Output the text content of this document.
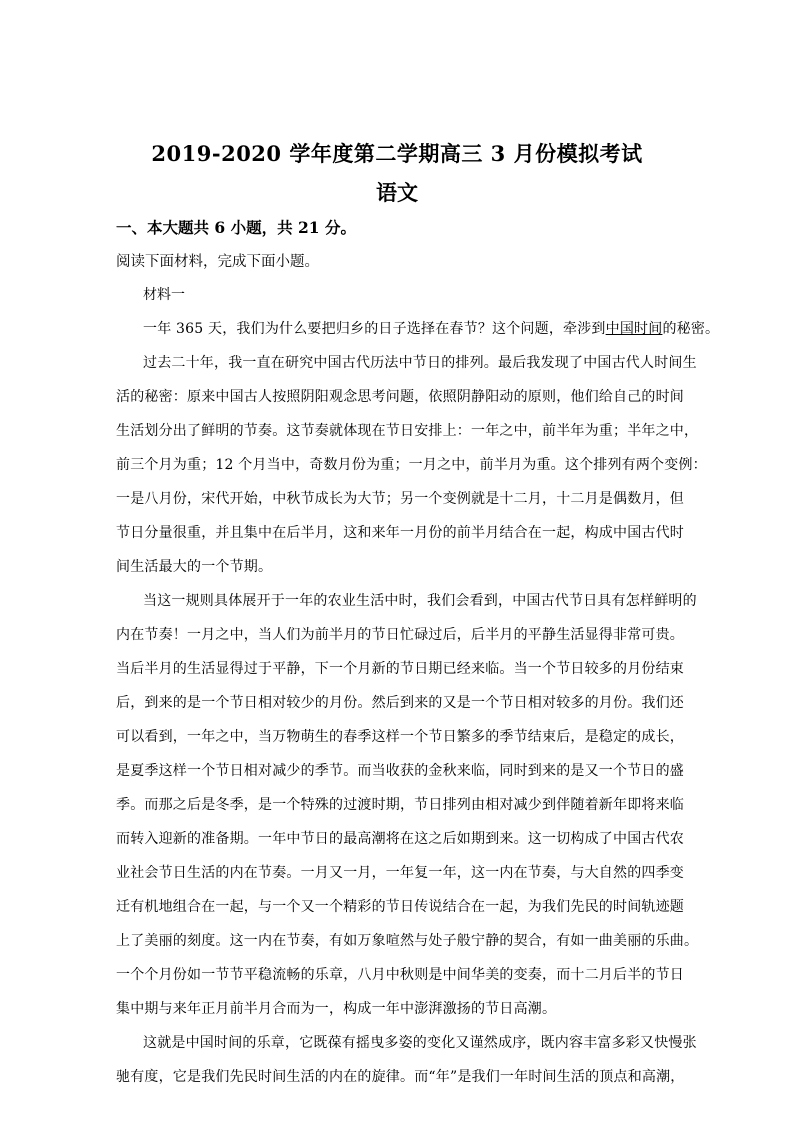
2019-2020 学年度第二学期高三 3 月份模拟考试
语文
一、本大题共 6 小题，共 21 分。
阅读下面材料，完成下面小题。
材料一
一年 365 天，我们为什么要把归乡的日子选择在春节？这个问题，牵涉到中国时间的秘密。
过去二十年，我一直在研究中国古代历法中节日的排列。最后我发现了中国古代人时间生
活的秘密：原来中国古人按照阴阳观念思考问题，依照阴静阳动的原则，他们给自己的时间
生活划分出了鲜明的节奏。这节奏就体现在节日安排上：一年之中，前半年为重；半年之中，
前三个月为重；12 个月当中，奇数月份为重；一月之中，前半月为重。这个排列有两个变例：
一是八月份，宋代开始，中秋节成长为大节；另一个变例就是十二月，十二月是偶数月，但
节日分量很重，并且集中在后半月，这和来年一月份的前半月结合在一起，构成中国古代时
间生活最大的一个节期。
当这一规则具体展开于一年的农业生活中时，我们会看到，中国古代节日具有怎样鲜明的
内在节奏！一月之中，当人们为前半月的节日忙碌过后，后半月的平静生活显得非常可贵。
当后半月的生活显得过于平静，下一个月新的节日期已经来临。当一个节日较多的月份结束
后，到来的是一个节日相对较少的月份。然后到来的又是一个节日相对较多的月份。我们还
可以看到，一年之中，当万物萌生的春季这样一个节日繁多的季节结束后，是稳定的成长，
是夏季这样一个节日相对减少的季节。而当收获的金秋来临，同时到来的是又一个节日的盛
季。而那之后是冬季，是一个特殊的过渡时期，节日排列由相对减少到伴随着新年即将来临
而转入迎新的准备期。一年中节日的最高潮将在这之后如期到来。这一切构成了中国古代农
业社会节日生活的内在节奏。一月又一月，一年复一年，这一内在节奏，与大自然的四季变
迁有机地组合在一起，与一个又一个精彩的节日传说结合在一起，为我们先民的时间轨迹题
上了美丽的刻度。这一内在节奏，有如万象喧然与处子般宁静的契合，有如一曲美丽的乐曲。
一个个月份如一节节平稳流畅的乐章，八月中秋则是中间华美的变奏，而十二月后半的节日
集中期与来年正月前半月合而为一，构成一年中澎湃激扬的节日高潮。
这就是中国时间的乐章，它既葆有摇曳多姿的变化又谨然成序，既内容丰富多彩又快慢张
驰有度，它是我们先民时间生活的内在的旋律。而“年”是我们一年时间生活的顶点和高潮，
